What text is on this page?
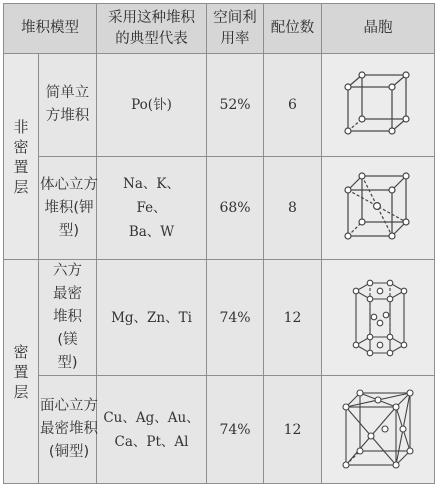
堆积模型		采用这种堆积的典型代表	空间利用率	配位数	晶胞
非密置层	简单立方堆积	Po(钋)	52%	6	

	体心立方堆积(钾型)	Na、K、Fe、Ba、W	68%	8	

密置层	六方最密堆积(镁型)	Mg、Zn、Ti	74%	12	

	面心立方最密堆积(铜型)	Cu、Ag、Au、Ca、Pt、Al	74%	12	
